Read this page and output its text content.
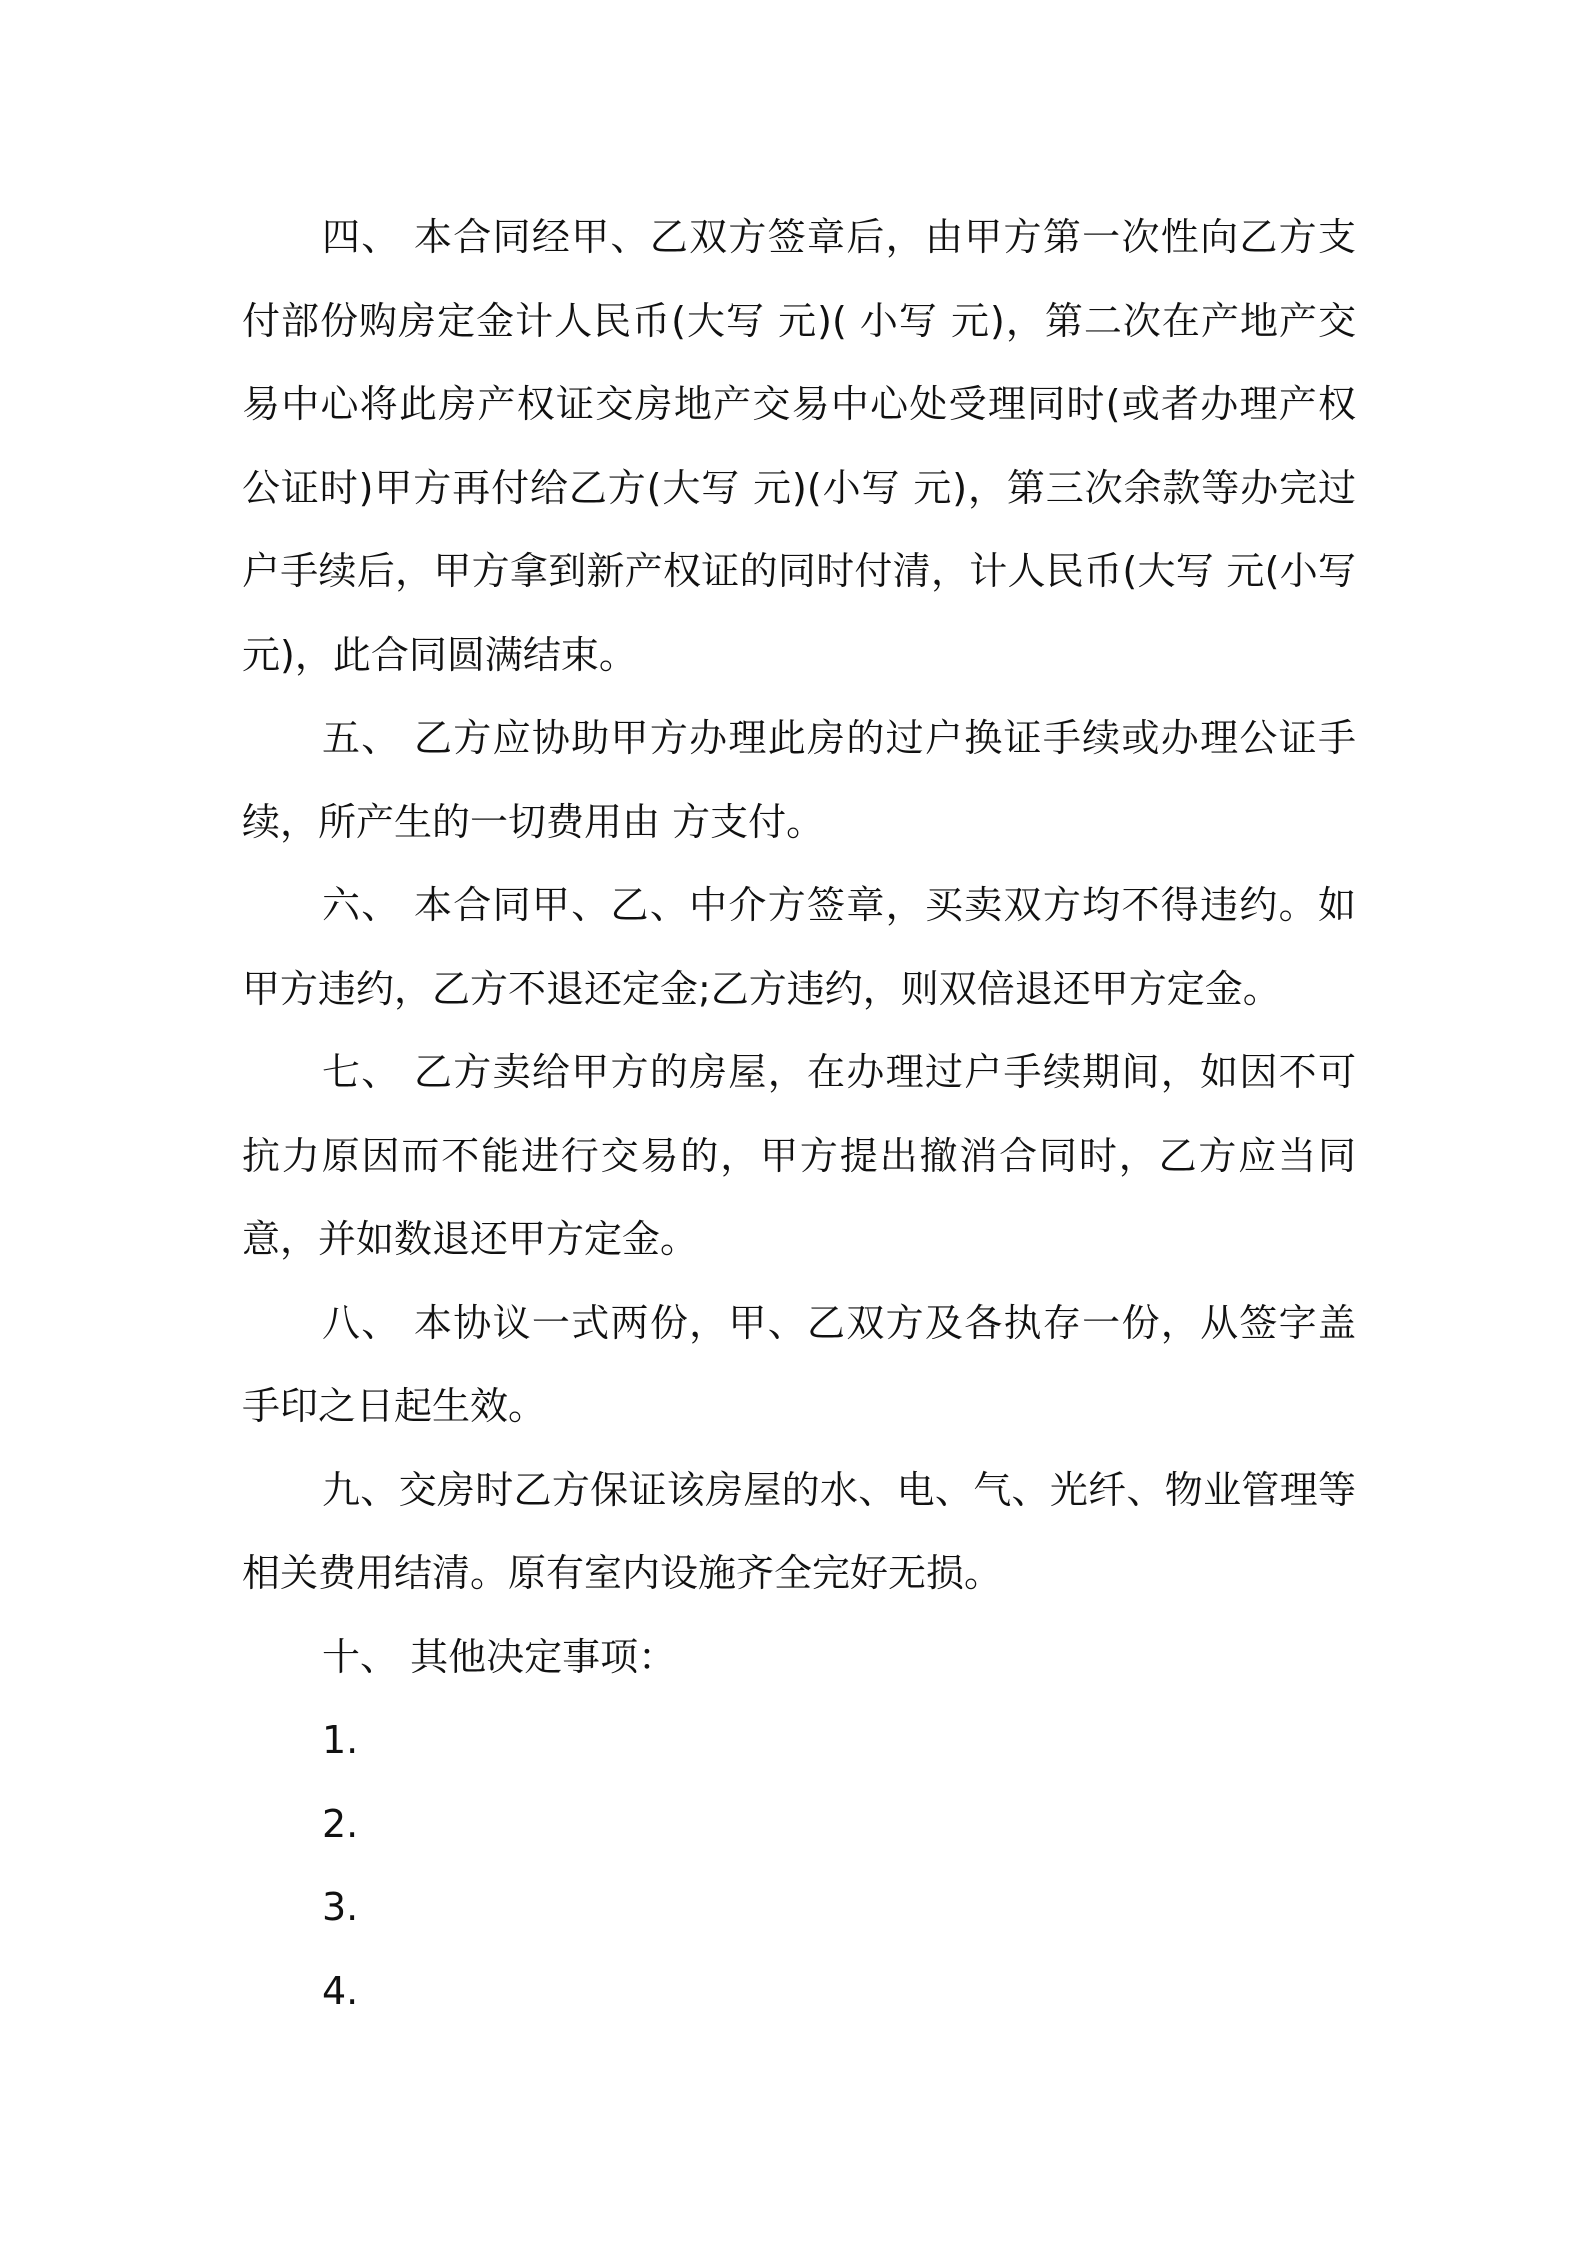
四、 本合同经甲、乙双方签章后，由甲方第一次性向乙方支付部份购房定金计人民币(大写 元)( 小写 元)，第二次在产地产交易中心将此房产权证交房地产交易中心处受理同时(或者办理产权公证时)甲方再付给乙方(大写 元)(小写 元)，第三次余款等办完过户手续后，甲方拿到新产权证的同时付清，计人民币(大写 元(小写 元)，此合同圆满结束。

五、 乙方应协助甲方办理此房的过户换证手续或办理公证手续，所产生的一切费用由 方支付。

六、 本合同甲、乙、中介方签章，买卖双方均不得违约。如甲方违约，乙方不退还定金;乙方违约，则双倍退还甲方定金。

七、 乙方卖给甲方的房屋，在办理过户手续期间，如因不可抗力原因而不能进行交易的，甲方提出撤消合同时，乙方应当同意，并如数退还甲方定金。

八、 本协议一式两份，甲、乙双方及各执存一份，从签字盖手印之日起生效。

九、交房时乙方保证该房屋的水、电、气、光纤、物业管理等相关费用结清。原有室内设施齐全完好无损。

十、 其他决定事项：

1.

2.

3.

4.
